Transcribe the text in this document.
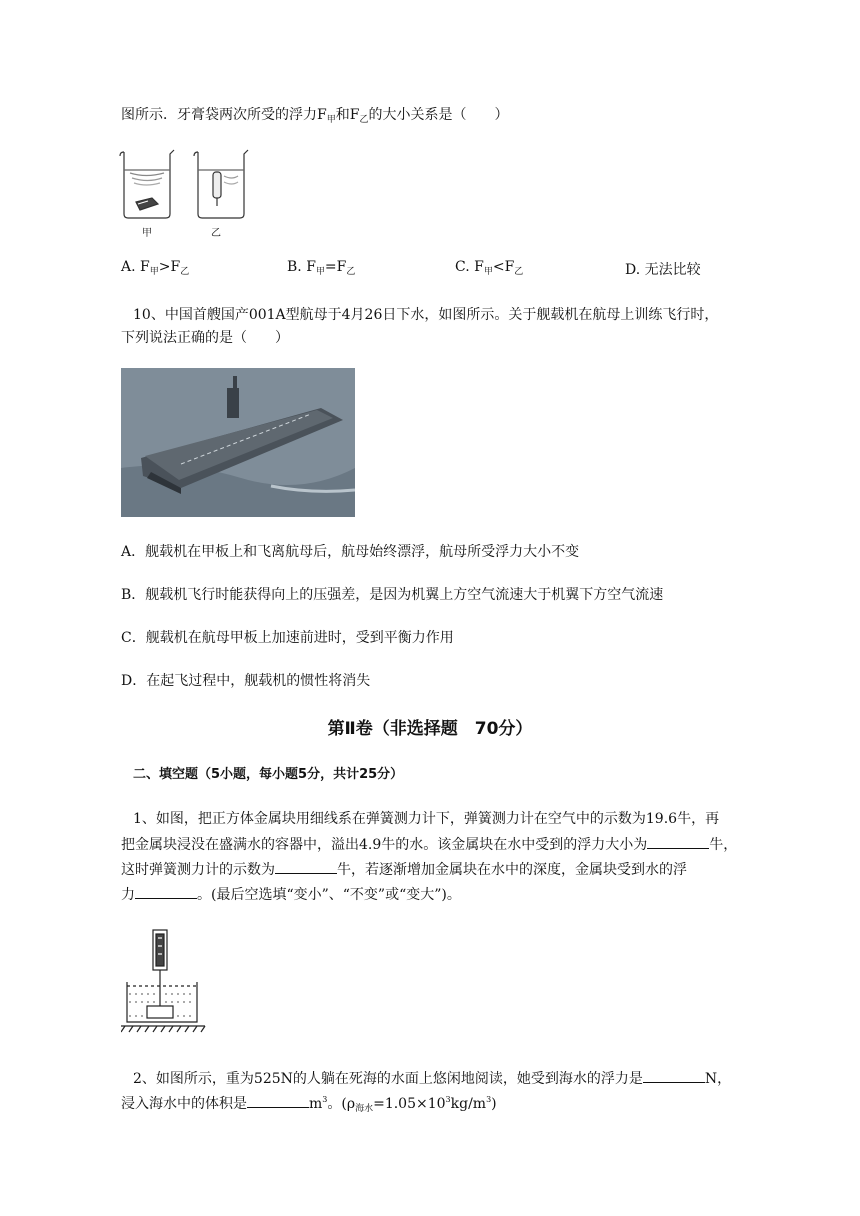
图所示．牙膏袋两次所受的浮力$F_甲$和$F_乙$的大小关系是（　　）
甲	乙
A. $F_甲>F_乙$	B. $F_甲=F_乙$	C. $F_甲<F_乙$	D. 无法比较
10、中国首艘国产001A型航母于4月26日下水，如图所示。关于舰载机在航母上训练飞行时，
下列说法正确的是（　　）
A．舰载机在甲板上和飞离航母后，航母始终漂浮，航母所受浮力大小不变
B．舰载机飞行时能获得向上的压强差，是因为机翼上方空气流速大于机翼下方空气流速
C．舰载机在航母甲板上加速前进时，受到平衡力作用
D．在起飞过程中，舰载机的惯性将消失
第Ⅱ卷（非选择题　70分）
二、填空题（5小题，每小题5分，共计25分）
1、如图，把正方体金属块用细线系在弹簧测力计下，弹簧测力计在空气中的示数为19.6牛，再
把金属块浸没在盛满水的容器中，溢出4.9牛的水。该金属块在水中受到的浮力大小为	牛，
这时弹簧测力计的示数为	牛，若逐渐增加金属块在水中的深度，金属块受到水的浮
力	。(最后空选填“变小”、“不变”或“变大”)。
2、如图所示，重为525N的人躺在死海的水面上悠闲地阅读，她受到海水的浮力是	N，
浸入海水中的体积是	$m^3$。$(\rho_{海水}=1.05\times 10^3kg/m^3)$
